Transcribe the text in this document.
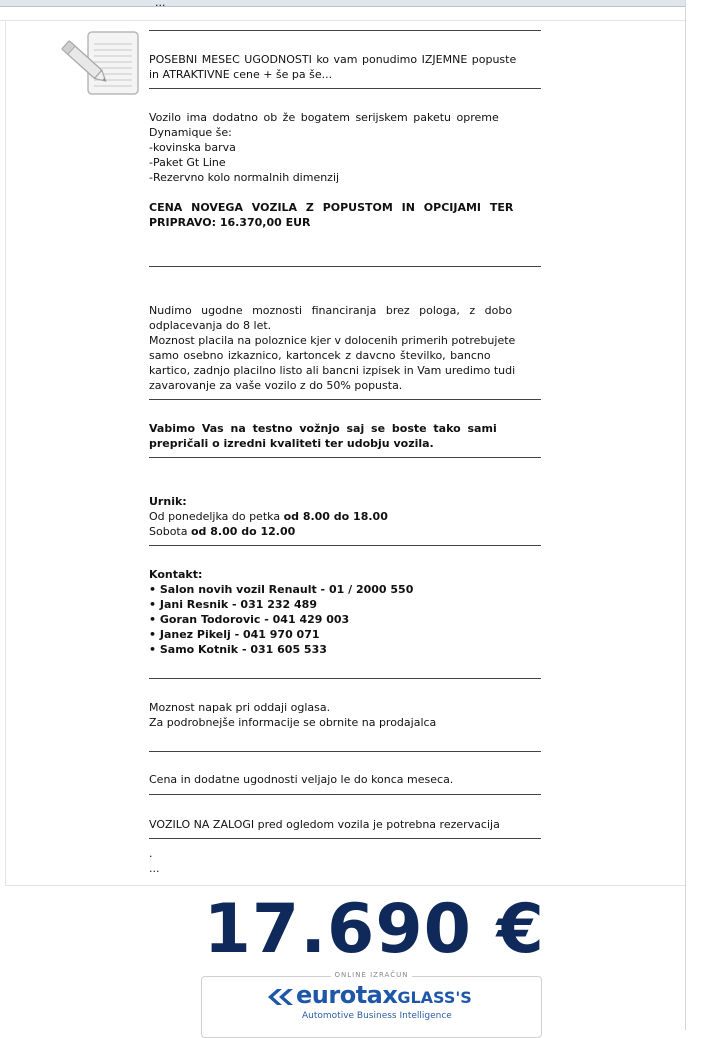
...
POSEBNI MESEC UGODNOSTI ko vam ponudimo IZJEMNE popuste
in ATRAKTIVNE cene + še pa še...
Vozilo ima dodatno ob že bogatem serijskem paketu opreme
Dynamique še:
-kovinska barva
-Paket Gt Line
-Rezervno kolo normalnih dimenzij
CENA NOVEGA VOZILA Z POPUSTOM IN OPCIJAMI TER
PRIPRAVO: 16.370,00 EUR
Nudimo ugodne moznosti financiranja brez pologa, z dobo
odplacevanja do 8 let.
Moznost placila na poloznice kjer v dolocenih primerih potrebujete
samo osebno izkaznico, kartoncek z davcno številko, bancno
kartico, zadnjo placilno listo ali bancni izpisek in Vam uredimo tudi
zavarovanje za vaše vozilo z do 50% popusta.
Vabimo Vas na testno vožnjo saj se boste tako sami
prepričali o izredni kvaliteti ter udobju vozila.
Urnik:
Od ponedeljka do petka od 8.00 do 18.00
Sobota od 8.00 do 12.00
Kontakt:
• Salon novih vozil Renault - 01 / 2000 550
• Jani Resnik - 031 232 489
• Goran Todorovic - 041 429 003
• Janez Pikelj - 041 970 071
• Samo Kotnik - 031 605 533
Moznost napak pri oddaji oglasa.
Za podrobnejše informacije se obrnite na prodajalca
Cena in dodatne ugodnosti veljajo le do konca meseca.
VOZILO NA ZALOGI pred ogledom vozila je potrebna rezervacija
.
...
17.690 €
ONLINE IZRAČUN
eurotaxGLASS'S
Automotive Business Intelligence
